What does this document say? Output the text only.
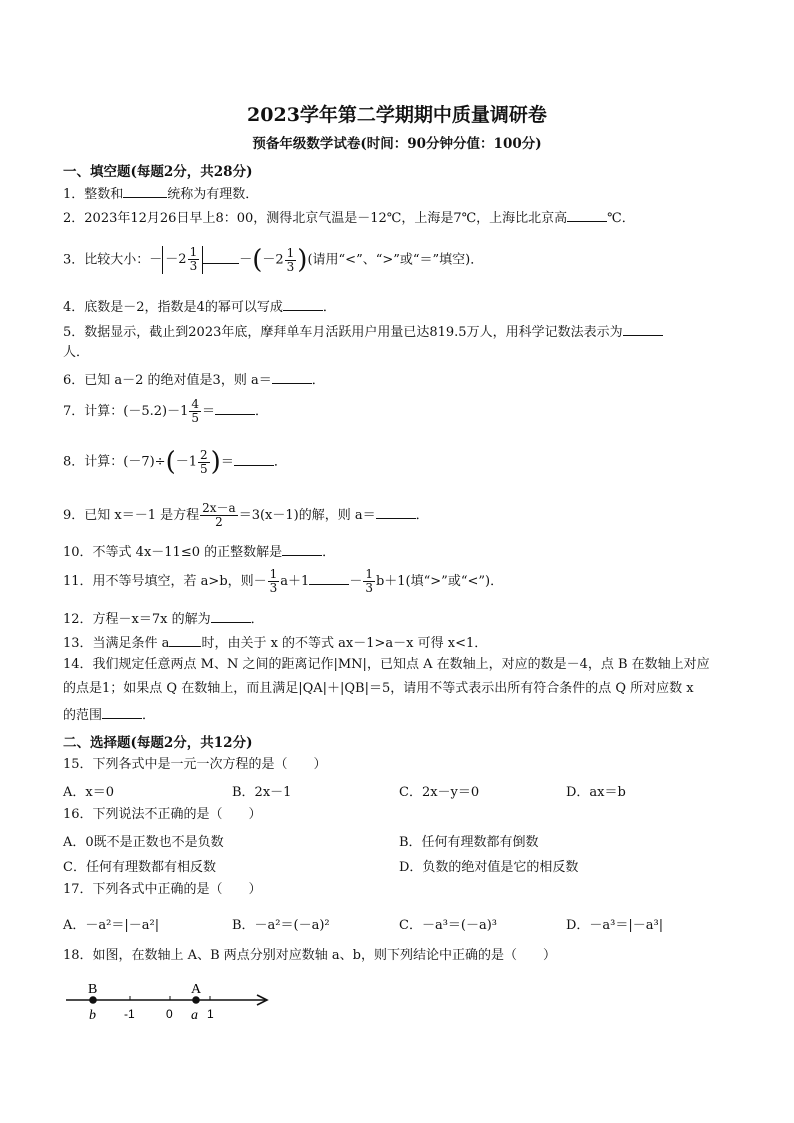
2023学年第二学期期中质量调研卷
预备年级数学试卷(时间：90分钟分值：100分)
一、填空题(每题2分，共28分)
1．整数和	统称为有理数．
2．2023年12月26日早上8：00，测得北京气温是－12℃，上海是7℃，上海比北京高	℃．
3．比较大小：－ $-2 \frac{1}{3}$	$-(-2 \frac{1}{3}$ )(请用“<”、“>”或“＝”填空)．
4．底数是－2，指数是4的幂可以写成	．
5．数据显示，截止到2023年底，摩拜单车月活跃用户用量已达819.5万人，用科学记数法表示为
人．
6．已知 a－2 的绝对值是3，则 a＝	．
7．计算：$(-5.2)-1 \frac{4}{5}$ ＝	．
8．计算：$(-7)\div(-1 \frac{2}{5}$ )＝	．
9．已知 x＝－1 是方程 $\frac{2x-a}{2} =3(x-1)$的解，则 a＝	．
10．不等式 4x－11≤0 的正整数解是	．
11．用不等号填空，若 a>b，则－ $\frac{1}{3} a+1$	－ $\frac{1}{3} b+1$(填“>”或“<”)．
12．方程－x＝7x 的解为	．
13．当满足条件 a 时，由关于 x 的不等式 ax－1>a－x 可得 x<1．
14．我们规定任意两点 M、N 之间的距离记作|MN|，已知点 A 在数轴上，对应的数是－4，点 B 在数轴上对应
的点是1；如果点 Q 在数轴上，而且满足|QA|＋|QB|＝5，请用不等式表示出所有符合条件的点 Q 所对应数 x
的范围	．
二、选择题(每题2分，共12分)
15．下列各式中是一元一次方程的是（　　）
A．x＝0	B．2x－1	C．2x－y＝0	D．ax＝b
16．下列说法不正确的是（　　）
A．0既不是正数也不是负数	B．任何有理数都有倒数
C．任何有理数都有相反数	D．负数的绝对值是它的相反数
17．下列各式中正确的是（　　）
A．－a²＝|－a²|	B．－a²＝(－a)²	C．－a³＝(－a)³	D．－a³＝|－a³|
18．如图，在数轴上 A、B 两点分别对应数轴 a、b，则下列结论中正确的是（　　）
B	A
b	a
-1	0	1
